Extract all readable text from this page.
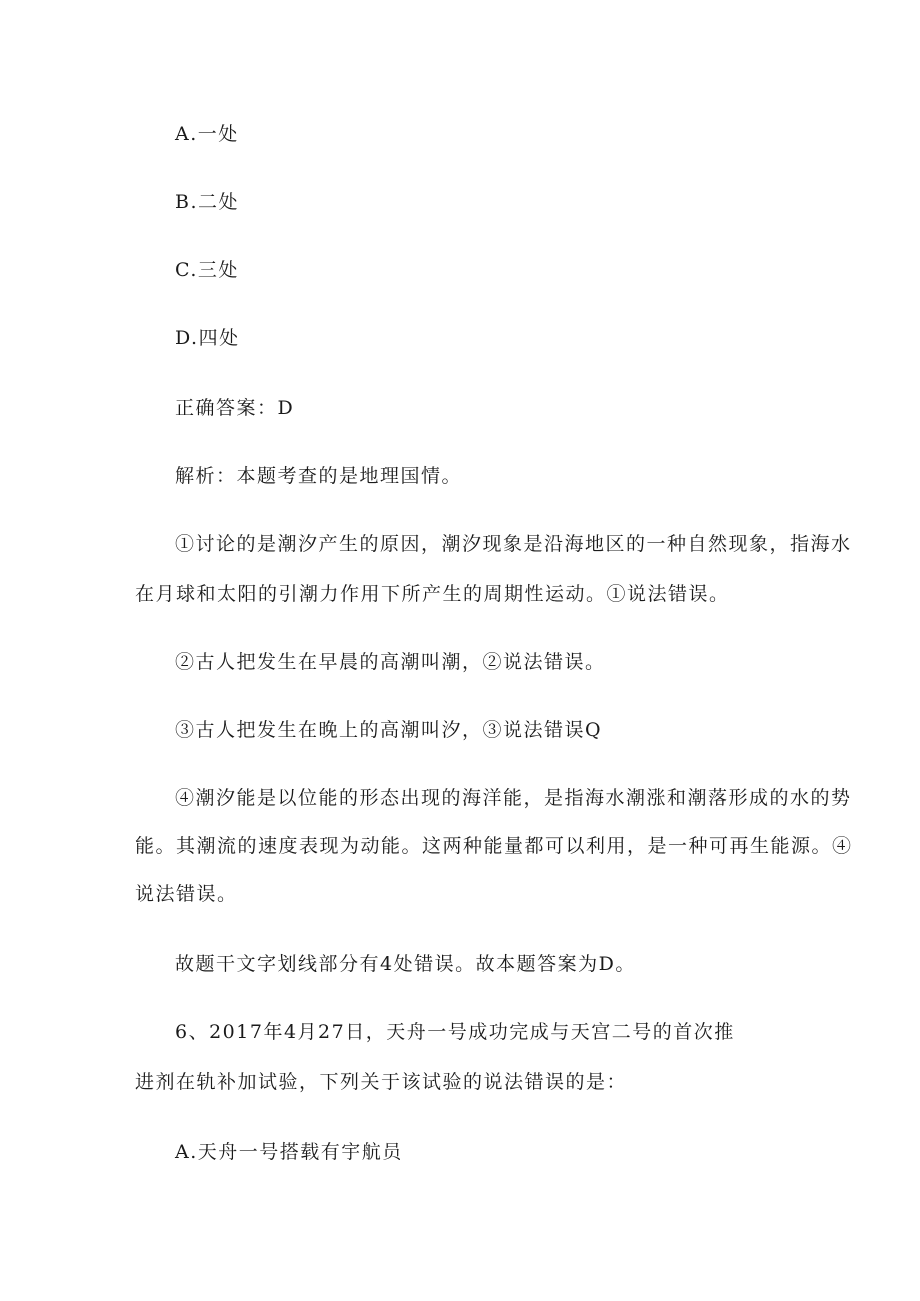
A.一处
B.二处
C.三处
D.四处
正确答案：D
解析：本题考查的是地理国情。
①讨论的是潮汐产生的原因，潮汐现象是沿海地区的一种自然现象，指海水
在月球和太阳的引潮力作用下所产生的周期性运动。①说法错误。
②古人把发生在早晨的高潮叫潮，②说法错误。
③古人把发生在晚上的高潮叫汐，③说法错误Q
④潮汐能是以位能的形态出现的海洋能，是指海水潮涨和潮落形成的水的势
能。其潮流的速度表现为动能。这两种能量都可以利用，是一种可再生能源。④
说法错误。
故题干文字划线部分有4处错误。故本题答案为D。
6、2017年4月27日，天舟一号成功完成与天宫二号的首次推
进剂在轨补加试验，下列关于该试验的说法错误的是：
A.天舟一号搭载有宇航员
